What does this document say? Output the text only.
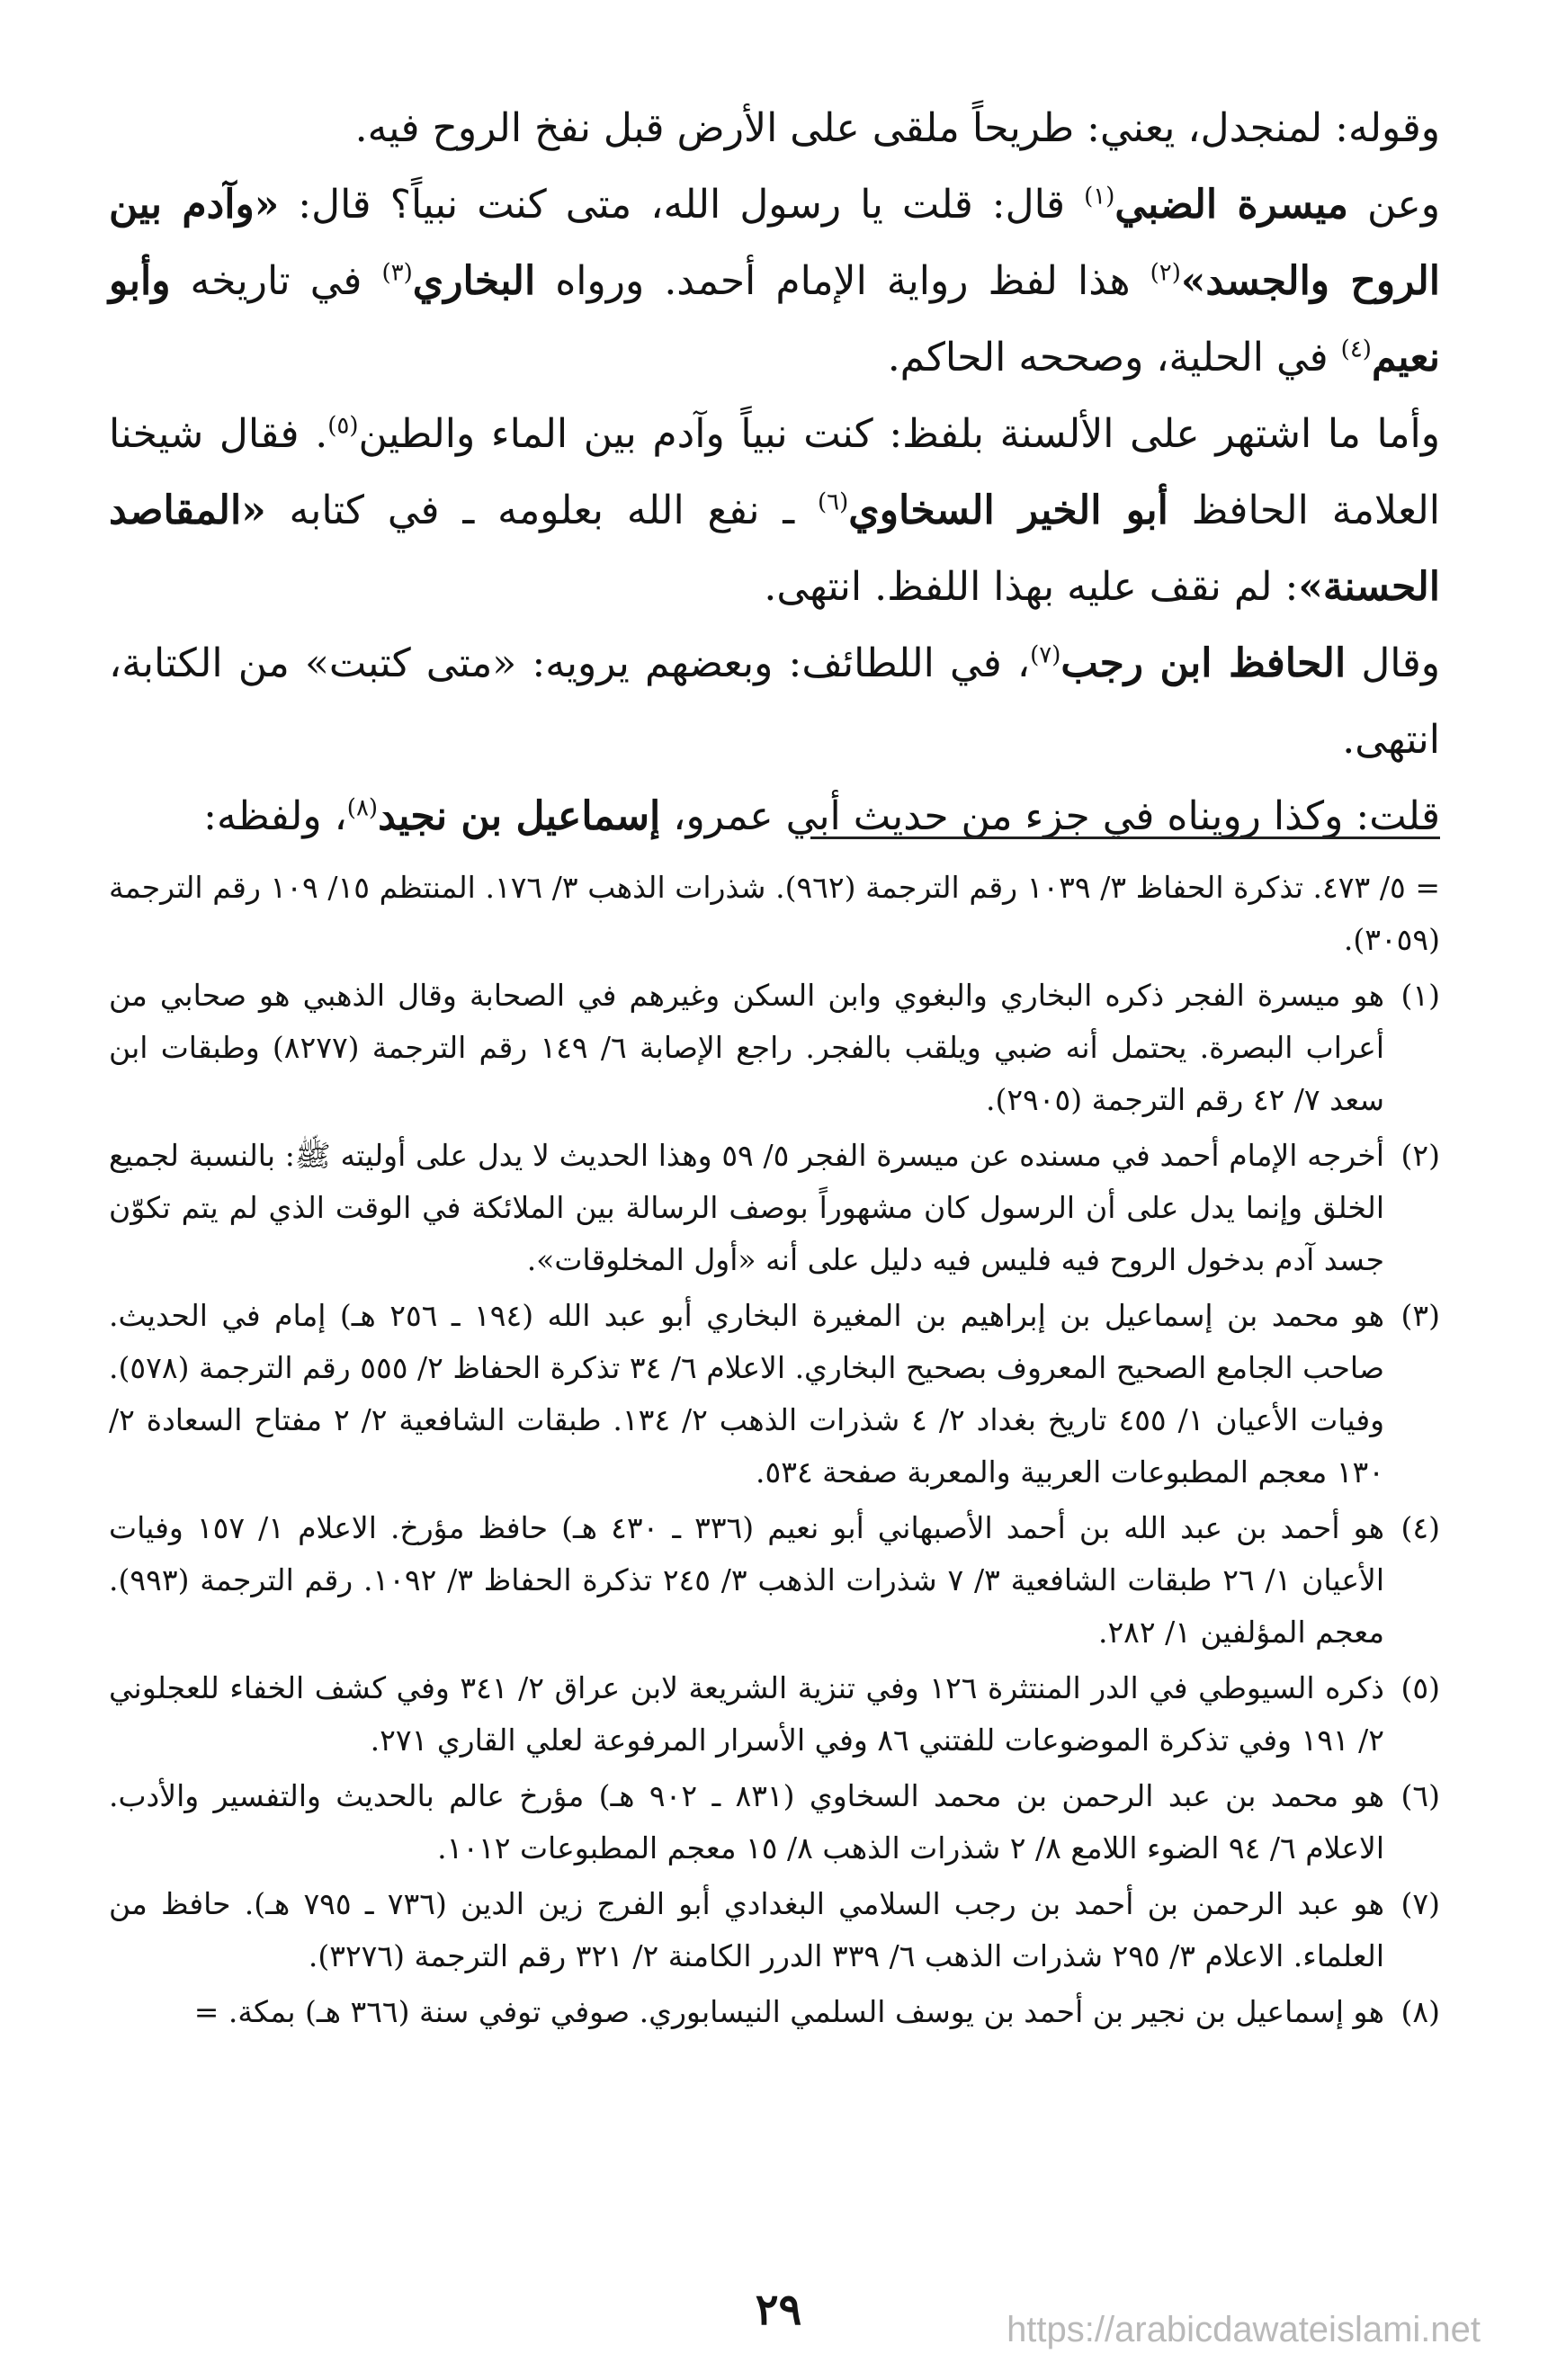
وقوله: لمنجدل، يعني: طريحاً ملقى على الأرض قبل نفخ الروح فيه.

وعن ميسرة الضبي$^{(١)}$ قال: قلت يا رسول الله، متى كنت نبياً؟ قال: «وآدم بين الروح والجسد»$^{(٢)}$ هذا لفظ رواية الإمام أحمد. ورواه البخاري$^{(٣)}$ في تاريخه وأبو نعيم$^{(٤)}$ في الحلية، وصححه الحاكم.

وأما ما اشتهر على الألسنة بلفظ: كنت نبياً وآدم بين الماء والطين$^{(٥)}$. فقال شيخنا العلامة الحافظ أبو الخير السخاوي$^{(٦)}$ ـ نفع الله بعلومه ـ في كتابه «المقاصد الحسنة»: لم نقف عليه بهذا اللفظ. انتهى.

وقال الحافظ ابن رجب$^{(٧)}$، في اللطائف: وبعضهم يرويه: «متى كتبت» من الكتابة، انتهى.

قلت: وكذا رويناه في جزء من حديث أبي عمرو، إسماعيل بن نجيد$^{(٨)}$، ولفظه:

= ٥/ ٤٧٣. تذكرة الحفاظ ٣/ ١٠٣٩ رقم الترجمة (٩٦٢). شذرات الذهب ٣/ ١٧٦. المنتظم ١٥/ ١٠٩ رقم الترجمة (٣٠٥٩).

(١)
هو ميسرة الفجر ذكره البخاري والبغوي وابن السكن وغيرهم في الصحابة وقال الذهبي هو صحابي من أعراب البصرة. يحتمل أنه ضبي ويلقب بالفجر. راجع الإصابة ٦/ ١٤٩ رقم الترجمة (٨٢٧٧) وطبقات ابن سعد ٧/ ٤٢ رقم الترجمة (٢٩٠٥).

(٢)
أخرجه الإمام أحمد في مسنده عن ميسرة الفجر ٥/ ٥٩ وهذا الحديث لا يدل على أوليته ﷺ: بالنسبة لجميع الخلق وإنما يدل على أن الرسول كان مشهوراً بوصف الرسالة بين الملائكة في الوقت الذي لم يتم تكوّن جسد آدم بدخول الروح فيه فليس فيه دليل على أنه «أول المخلوقات».

(٣)
هو محمد بن إسماعيل بن إبراهيم بن المغيرة البخاري أبو عبد الله (١٩٤ ـ ٢٥٦ هـ) إمام في الحديث. صاحب الجامع الصحيح المعروف بصحيح البخاري. الاعلام ٦/ ٣٤ تذكرة الحفاظ ٢/ ٥٥٥ رقم الترجمة (٥٧٨). وفيات الأعيان ١/ ٤٥٥ تاريخ بغداد ٢/ ٤ شذرات الذهب ٢/ ١٣٤. طبقات الشافعية ٢/ ٢ مفتاح السعادة ٢/ ١٣٠ معجم المطبوعات العربية والمعربة صفحة ٥٣٤.

(٤)
هو أحمد بن عبد الله بن أحمد الأصبهاني أبو نعيم (٣٣٦ ـ ٤٣٠ هـ) حافظ مؤرخ. الاعلام ١/ ١٥٧ وفيات الأعيان ١/ ٢٦ طبقات الشافعية ٣/ ٧ شذرات الذهب ٣/ ٢٤٥ تذكرة الحفاظ ٣/ ١٠٩٢. رقم الترجمة (٩٩٣). معجم المؤلفين ١/ ٢٨٢.

(٥)
ذكره السيوطي في الدر المنتثرة ١٢٦ وفي تنزية الشريعة لابن عراق ٢/ ٣٤١ وفي كشف الخفاء للعجلوني ٢/ ١٩١ وفي تذكرة الموضوعات للفتني ٨٦ وفي الأسرار المرفوعة لعلي القاري ٢٧١.

(٦)
هو محمد بن عبد الرحمن بن محمد السخاوي (٨٣١ ـ ٩٠٢ هـ) مؤرخ عالم بالحديث والتفسير والأدب. الاعلام ٦/ ٩٤ الضوء اللامع ٨/ ٢ شذرات الذهب ٨/ ١٥ معجم المطبوعات ١٠١٢.

(٧)
هو عبد الرحمن بن أحمد بن رجب السلامي البغدادي أبو الفرج زين الدين (٧٣٦ ـ ٧٩٥ هـ). حافظ من العلماء. الاعلام ٣/ ٢٩٥ شذرات الذهب ٦/ ٣٣٩ الدرر الكامنة ٢/ ٣٢١ رقم الترجمة (٣٢٧٦).

(٨)
هو إسماعيل بن نجير بن أحمد بن يوسف السلمي النيسابوري. صوفي توفي سنة (٣٦٦ هـ) بمكة. =

٢٩	https://arabicdawateislami.net
